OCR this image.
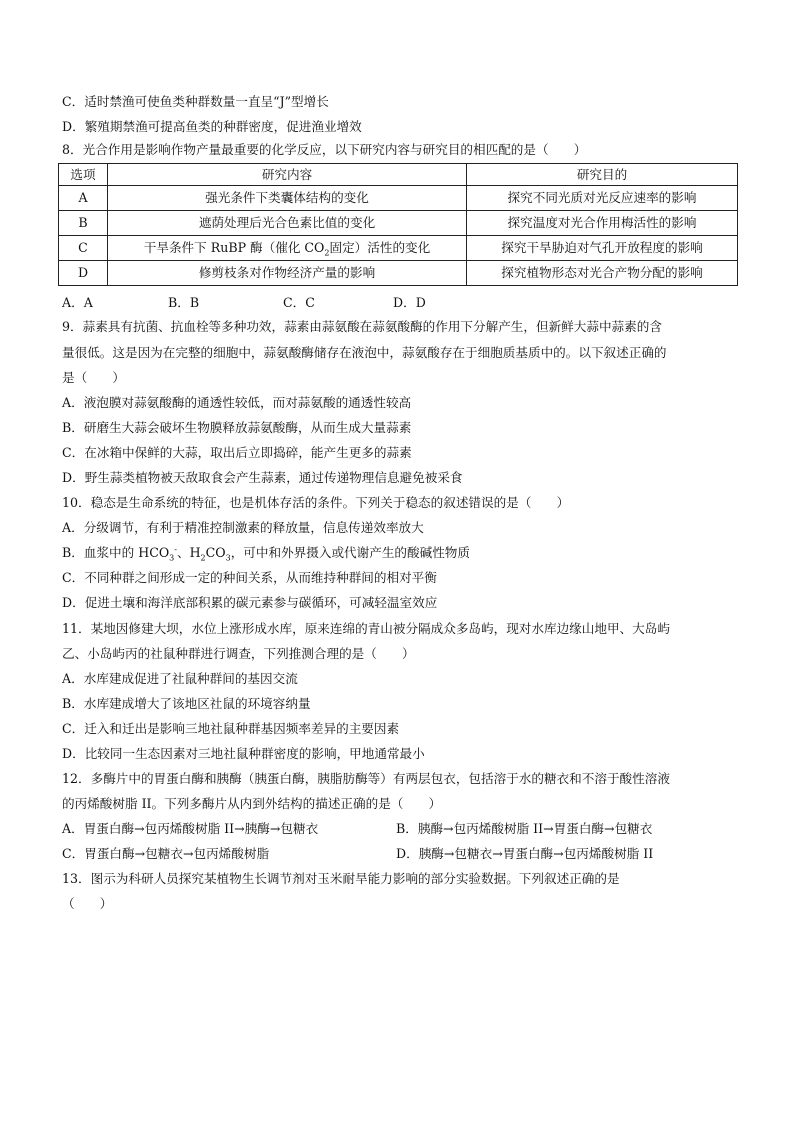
C．适时禁渔可使鱼类种群数量一直呈“J”型增长
D．繁殖期禁渔可提高鱼类的种群密度，促进渔业增效
8．光合作用是影响作物产量最重要的化学反应，以下研究内容与研究目的相匹配的是（　　）
选项	研究内容	研究目的
A	强光条件下类囊体结构的变化	探究不同光质对光反应速率的影响
B	遮荫处理后光合色素比值的变化	探究温度对光合作用梅活性的影响
C	干旱条件下 RuBP 酶（催化 $CO_2$固定）活性的变化	探究干旱胁迫对气孔开放程度的影响
D	修剪枝条对作物经济产量的影响	探究植物形态对光合产物分配的影响
A．A	B．B	C．C	D．D
9．蒜素具有抗菌、抗血栓等多种功效，蒜素由蒜氨酸在蒜氨酸酶的作用下分解产生，但新鲜大蒜中蒜素的含
量很低。这是因为在完整的细胞中，蒜氨酸酶储存在液泡中，蒜氨酸存在于细胞质基质中的。以下叙述正确的
是（　　）
A．液泡膜对蒜氨酸酶的通透性较低，而对蒜氨酸的通透性较高
B．研磨生大蒜会破坏生物膜释放蒜氨酸酶，从而生成大量蒜素
C．在冰箱中保鲜的大蒜，取出后立即捣碎，能产生更多的蒜素
D．野生蒜类植物被天敌取食会产生蒜素，通过传递物理信息避免被采食
10．稳态是生命系统的特征，也是机体存活的条件。下列关于稳态的叙述错误的是（　　）
A．分级调节，有利于精准控制激素的释放量，信息传递效率放大
B．血浆中的 $HCO_3^-$、$H_2CO_3$，可中和外界摄入或代谢产生的酸碱性物质
C．不同种群之间形成一定的种间关系，从而维持种群间的相对平衡
D．促进土壤和海洋底部积累的碳元素参与碳循环，可减轻温室效应
11．某地因修建大坝，水位上涨形成水库，原来连绵的青山被分隔成众多岛屿，现对水库边缘山地甲、大岛屿
乙、小岛屿丙的社鼠种群进行调查，下列推测合理的是（　　）
A．水库建成促进了社鼠种群间的基因交流
B．水库建成增大了该地区社鼠的环境容纳量
C．迁入和迁出是影响三地社鼠种群基因频率差异的主要因素
D．比较同一生态因素对三地社鼠种群密度的影响，甲地通常最小
12．多酶片中的胃蛋白酶和胰酶（胰蛋白酶，胰脂肪酶等）有两层包衣，包括溶于水的糖衣和不溶于酸性溶液
的丙烯酸树脂 II。下列多酶片从内到外结构的描述正确的是（　　）
A．胃蛋白酶→包丙烯酸树脂 II→胰酶→包糖衣	B．胰酶→包丙烯酸树脂 II→胃蛋白酶→包糖衣
C．胃蛋白酶→包糖衣→包丙烯酸树脂	D．胰酶→包糖衣→胃蛋白酶→包丙烯酸树脂 II
13．图示为科研人员探究某植物生长调节剂对玉米耐旱能力影响的部分实验数据。下列叙述正确的是
（　　）
